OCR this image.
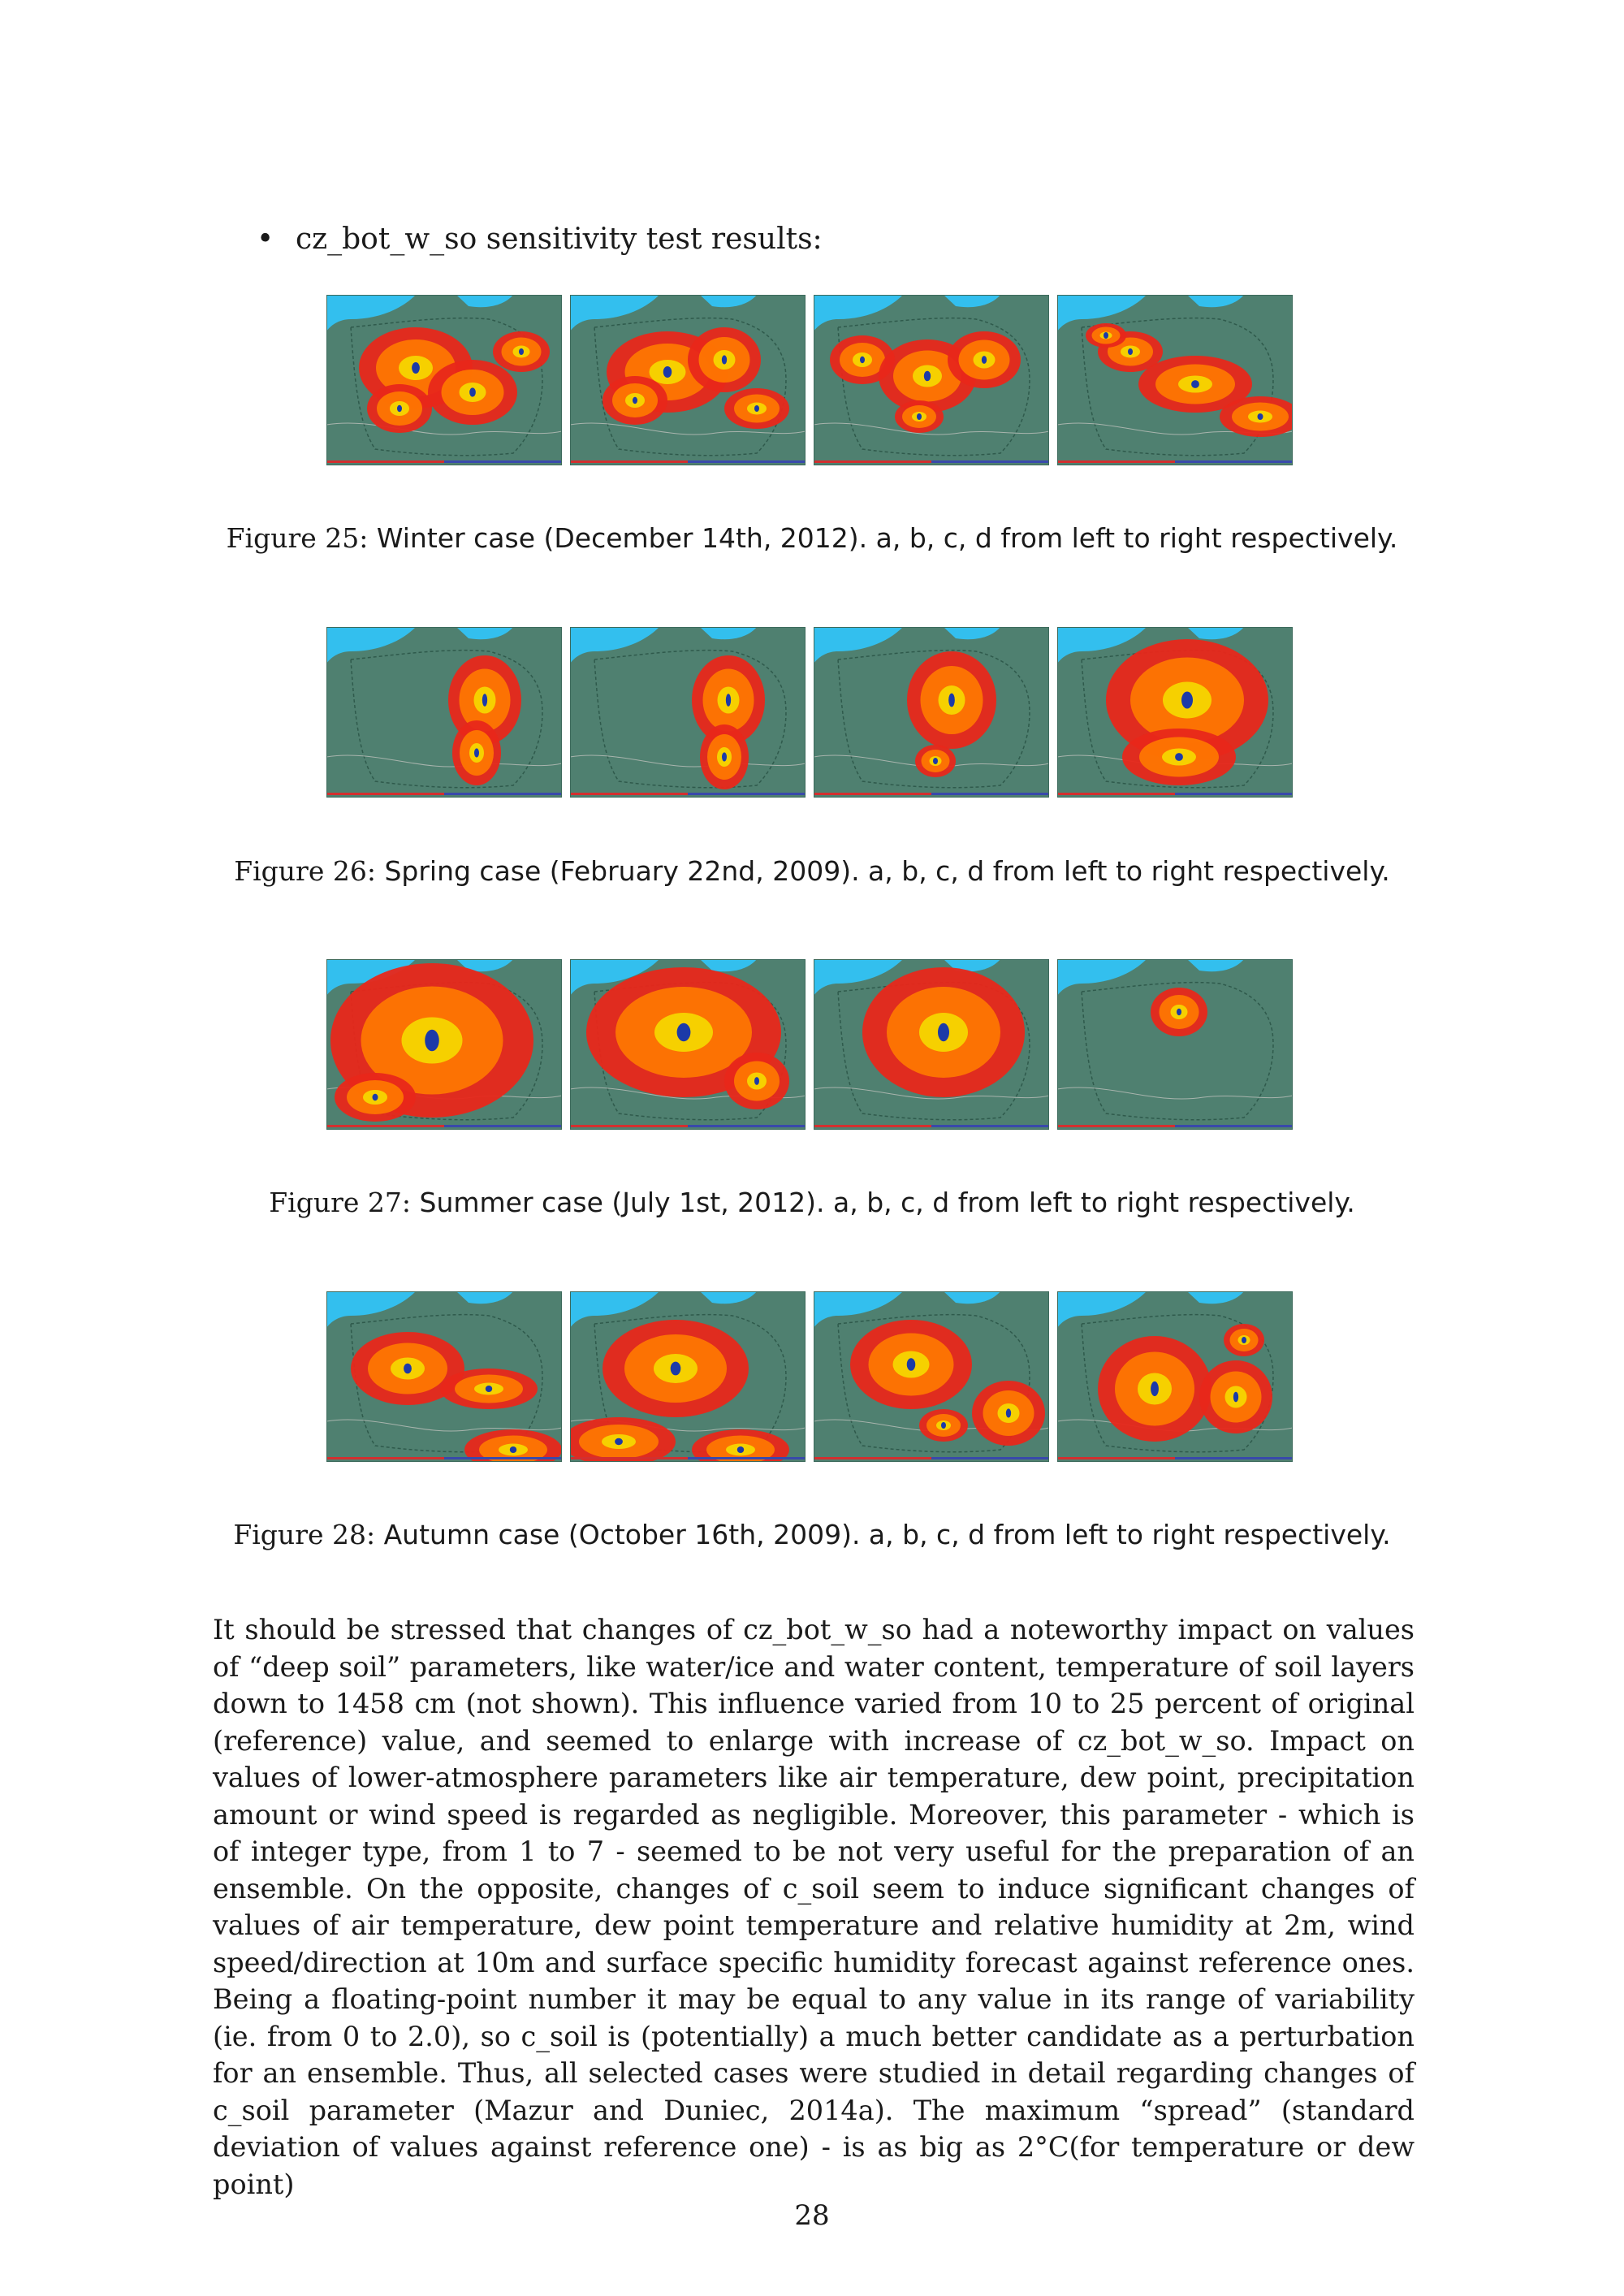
• cz_bot_w_so sensitivity test results:
Figure 25: Winter case (December 14th, 2012). a, b, c, d from left to right respectively.
Figure 26: Spring case (February 22nd, 2009). a, b, c, d from left to right respectively.
Figure 27: Summer case (July 1st, 2012). a, b, c, d from left to right respectively.
Figure 28: Autumn case (October 16th, 2009). a, b, c, d from left to right respectively.
It should be stressed that changes of cz_bot_w_so had a noteworthy impact on values of “deep soil” parameters, like water/ice and water content, temperature of soil layers down to 1458 cm (not shown). This influence varied from 10 to 25 percent of original (reference) value, and seemed to enlarge with increase of cz_bot_w_so. Impact on values of lower-atmosphere parameters like air temperature, dew point, precipitation amount or wind speed is regarded as negligible. Moreover, this parameter - which is of integer type, from 1 to 7 - seemed to be not very useful for the preparation of an ensemble. On the opposite, changes of c_soil seem to induce significant changes of values of air temperature, dew point temperature and relative humidity at 2m, wind speed/direction at 10m and surface specific humidity forecast against reference ones. Being a floating-point number it may be equal to any value in its range of variability (ie. from 0 to 2.0), so c_soil is (potentially) a much better candidate as a perturbation for an ensemble. Thus, all selected cases were studied in detail regarding changes of c_soil parameter (Mazur and Duniec, 2014a). The maximum “spread” (standard deviation of values against reference one) - is as big as 2°C(for temperature or dew point)
28
